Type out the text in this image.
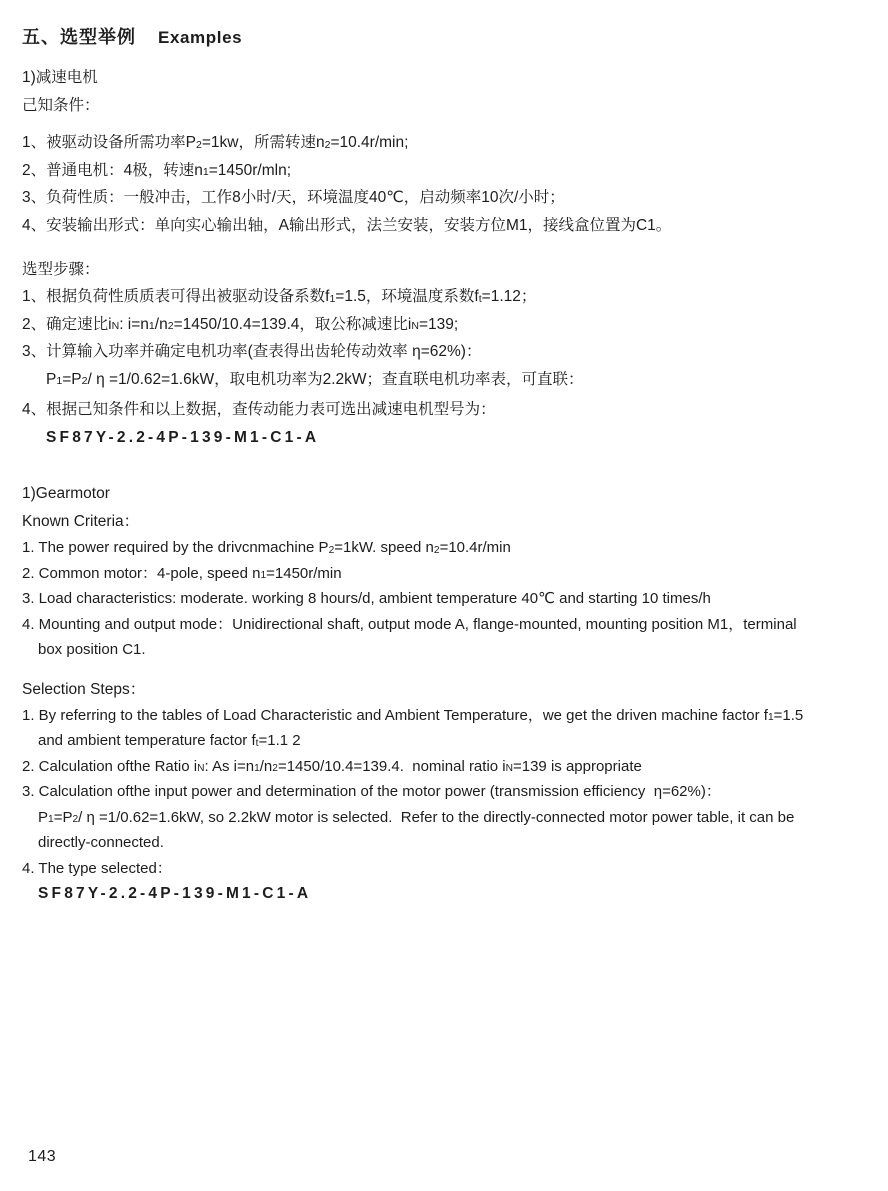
五、选型举例 Examples

1)减速电机

己知条件：

1、被驱动设备所需功率$P_2=1kw$，所需转速$n_2=10.4r/\min$;

2、普通电机：4极，转速$n_1=1450r$/mln;

3、负荷性质：一般冲击，工作8小时/天，环境温度40℃，启动频率10次/小时；

4、安装输出形式：单向实心输出轴，A输出形式，法兰安装，安装方位M1，接线盒位置为C1。

选型步骤：

1、根据负荷性质质表可得出被驱动设备系数$f_1=1.5$，环境温度系数$f_t=1.12$；

2、确定速比$i_N$: $i=n_1/n_2=1450/10.4=139.4$，取公称减速比$i_N=139$;

3、计算输入功率并确定电机功率(查表得出齿轮传动效率 η=62%)：

$P_1=P_2/$ η =1/0.62=1.6kW，取电机功率为2.2kW；查直联电机功率表，可直联：

4、根据己知条件和以上数据，查传动能力表可选出减速电机型号为：

SF87Y-2.2-4P-139-M1-C1-A

1)Gearmotor

Known Criteria：

1. The power required by the drivcnmachine $P_2=1kW$. speed $n_2=10.4r/\min$

2. Common motor：4-pole, speed $n_1=1450r/\min$

3. Load characteristics: moderate. working 8 hours/d, ambient temperature 40℃ and starting 10 times/h

4. Mounting and output mode：Unidirectional shaft, output mode A, flange-mounted, mounting position M1，terminal
box position C1.

Selection Steps：

1. By referring to the tables of Load Characteristic and Ambient Temperature，we get the driven machine factor $f_1=1.5$
and ambient temperature factor $f_t=1.1$ 2

2. Calculation ofthe Ratio $i_N$: As $i=n_1/n_2=1450/10.4=139.4$.  nominal ratio $i_N=139$ is appropriate

3. Calculation ofthe input power and determination of the motor power (transmission efficiency  η=62%)：

$P_1=P_2/$ η =1/0.62=1.6kW, so 2.2kW motor is selected.  Refer to the directly-connected motor power table, it can be
directly-connected.

4. The type selected：

SF87Y-2.2-4P-139-M1-C1-A

143
